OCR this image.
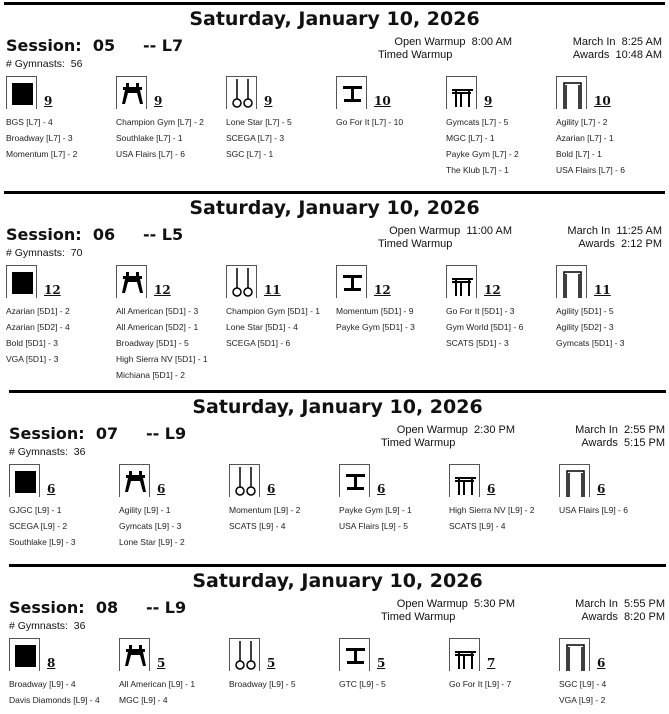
Saturday, January 10, 2026
Session:  05     -- L7
# Gymnasts: 56
Open Warmup 8:00 AM
Timed Warmup
March In 8:25 AM
Awards 10:48 AM
9
BGS [L7] - 4
Broadway [L7] - 3
Momentum [L7] - 2
9
Champion Gym [L7] - 2
Southlake [L7] - 1
USA Flairs [L7] - 6
9
Lone Star [L7] - 5
SCEGA [L7] - 3
SGC [L7] - 1
10
Go For It [L7] - 10
9
Gymcats [L7] - 5
MGC [L7] - 1
Payke Gym [L7] - 2
The Klub [L7] - 1
10
Agility [L7] - 2
Azarian [L7] - 1
Bold [L7] - 1
USA Flairs [L7] - 6
Saturday, January 10, 2026
Session:  06     -- L5
# Gymnasts: 70
Open Warmup 11:00 AM
Timed Warmup
March In 11:25 AM
Awards 2:12 PM
12
Azarian [5D1] - 2
Azarian [5D2] - 4
Bold [5D1] - 3
VGA [5D1] - 3
12
All American [5D1] - 3
All American [5D2] - 1
Broadway [5D1] - 5
High Sierra NV [5D1] - 1
Michiana [5D1] - 2
11
Champion Gym [5D1] - 1
Lone Star [5D1] - 4
SCEGA [5D1] - 6
12
Momentum [5D1] - 9
Payke Gym [5D1] - 3
12
Go For It [5D1] - 3
Gym World [5D1] - 6
SCATS [5D1] - 3
11
Agility [5D1] - 5
Agility [5D2] - 3
Gymcats [5D1] - 3
Saturday, January 10, 2026
Session:  07     -- L9
# Gymnasts: 36
Open Warmup 2:30 PM
Timed Warmup
March In 2:55 PM
Awards 5:15 PM
6
GJGC [L9] - 1
SCEGA [L9] - 2
Southlake [L9] - 3
6
Agility [L9] - 1
Gymcats [L9] - 3
Lone Star [L9] - 2
6
Momentum [L9] - 2
SCATS [L9] - 4
6
Payke Gym [L9] - 1
USA Flairs [L9] - 5
6
High Sierra NV [L9] - 2
SCATS [L9] - 4
6
USA Flairs [L9] - 6
Saturday, January 10, 2026
Session:  08     -- L9
# Gymnasts: 36
Open Warmup 5:30 PM
Timed Warmup
March In 5:55 PM
Awards 8:20 PM
8
Broadway [L9] - 4
Davis Diamonds [L9] - 4
5
All American [L9] - 1
MGC [L9] - 4
5
Broadway [L9] - 5
5
GTC [L9] - 5
7
Go For It [L9] - 7
6
SGC [L9] - 4
VGA [L9] - 2
